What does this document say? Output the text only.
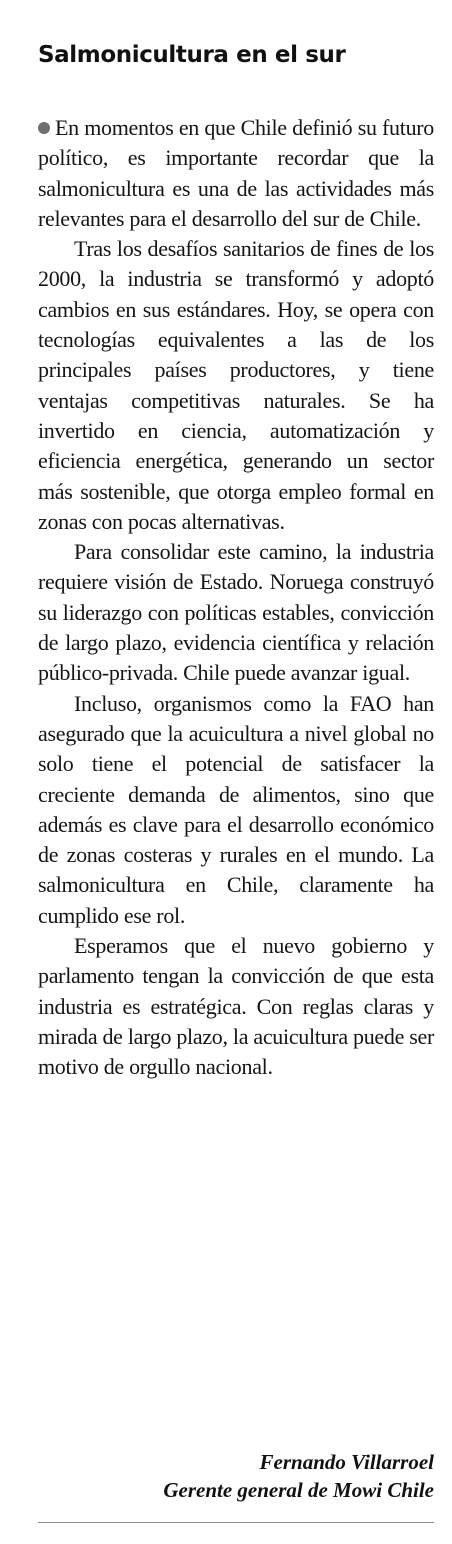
Salmonicultura en el sur

En momentos en que Chile definió su futuro político, es importante recordar que la salmonicultura es una de las actividades más relevantes para el desarrollo del sur de Chile.

Tras los desafíos sanitarios de fines de los 2000, la industria se transformó y adoptó cambios en sus estándares. Hoy, se opera con tecnologías equivalentes a las de los principales países productores, y tiene ventajas competitivas naturales. Se ha invertido en ciencia, automatización y eficiencia energética, generando un sector más sostenible, que otorga empleo formal en zonas con pocas alternativas.

Para consolidar este camino, la industria requiere visión de Estado. Noruega construyó su liderazgo con políticas estables, convicción de largo plazo, evidencia científica y relación público-privada. Chile puede avanzar igual.

Incluso, organismos como la FAO han asegurado que la acuicultura a nivel global no solo tiene el potencial de satisfacer la creciente demanda de alimentos, sino que además es clave para el desarrollo económico de zonas costeras y rurales en el mundo. La salmonicultura en Chile, claramente ha cumplido ese rol.

Esperamos que el nuevo gobierno y parlamento tengan la convicción de que esta industria es estratégica. Con reglas claras y mirada de largo plazo, la acuicultura puede ser motivo de orgullo nacional.

Fernando Villarroel
Gerente general de Mowi Chile
